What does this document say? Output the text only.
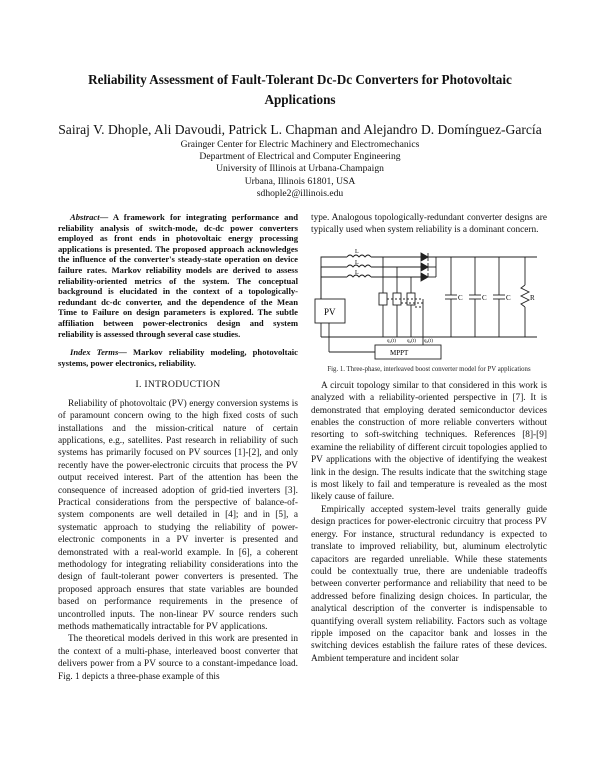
Reliability Assessment of Fault-Tolerant Dc-Dc Converters for Photovoltaic
Applications
Sairaj V. Dhople, Ali Davoudi, Patrick L. Chapman and Alejandro D. Domínguez-García
Grainger Center for Electric Machinery and Electromechanics
Department of Electrical and Computer Engineering
University of Illinois at Urbana-Champaign
Urbana, Illinois 61801, USA
sdhople2@illinois.edu

Abstract— A framework for integrating performance and reliability analysis of switch-mode, dc-dc power converters employed as front ends in photovoltaic energy processing applications is presented. The proposed approach acknowledges the influence of the converter's steady-state operation on device failure rates. Markov reliability models are derived to assess reliability-oriented metrics of the system. The conceptual background is elucidated in the context of a topologically-redundant dc-dc converter, and the dependence of the Mean Time to Failure on design parameters is explored. The subtle affiliation between power-electronics design and system reliability is assessed through several case studies.

Index Terms— Markov reliability modeling, photovoltaic systems, power electronics, reliability.

I. INTRODUCTION

Reliability of photovoltaic (PV) energy conversion systems is of paramount concern owing to the high fixed costs of such installations and the mission-critical nature of certain applications, e.g., satellites. Past research in reliability of such systems has primarily focused on PV sources [1]-[2], and only recently have the power-electronic circuits that process the PV output received interest. Part of the attention has been the consequence of increased adoption of grid-tied inverters [3]. Practical considerations from the perspective of balance-of-system components are well detailed in [4]; and in [5], a systematic approach to studying the reliability of power-electronic components in a PV inverter is presented and demonstrated with a real-world example. In [6], a coherent methodology for integrating reliability considerations into the design of fault-tolerant power converters is presented. The proposed approach ensures that state variables are bounded based on performance requirements in the presence of uncontrolled inputs. The non-linear PV source renders such methods mathematically intractable for PV applications.

The theoretical models derived in this work are presented in the context of a multi-phase, interleaved boost converter that delivers power from a PV source to a constant-impedance load. Fig. 1 depicts a three-phase example of this

type. Analogous topologically-redundant converter designs are typically used when system reliability is a dominant concern.

PV
L
L
L
C	C	C	R
MPPT
q₁(t) q₂(t) q₃(t)
Fig. 1. Three-phase, interleaved boost converter model for PV applications

A circuit topology similar to that considered in this work is analyzed with a reliability-oriented perspective in [7]. It is demonstrated that employing derated semiconductor devices enables the construction of more reliable converters without resorting to soft-switching techniques. References [8]-[9] examine the reliability of different circuit topologies applied to PV applications with the objective of identifying the weakest link in the design. The results indicate that the switching stage is most likely to fail and temperature is revealed as the most likely cause of failure.

Empirically accepted system-level traits generally guide design practices for power-electronic circuitry that process PV energy. For instance, structural redundancy is expected to translate to improved reliability, but, aluminum electrolytic capacitors are regarded unreliable. While these statements could be contextually true, there are undeniable tradeoffs between converter performance and reliability that need to be addressed before finalizing design choices. In particular, the analytical description of the converter is indispensable to quantifying overall system reliability. Factors such as voltage ripple imposed on the capacitor bank and losses in the switching devices establish the failure rates of these devices. Ambient temperature and incident solar
